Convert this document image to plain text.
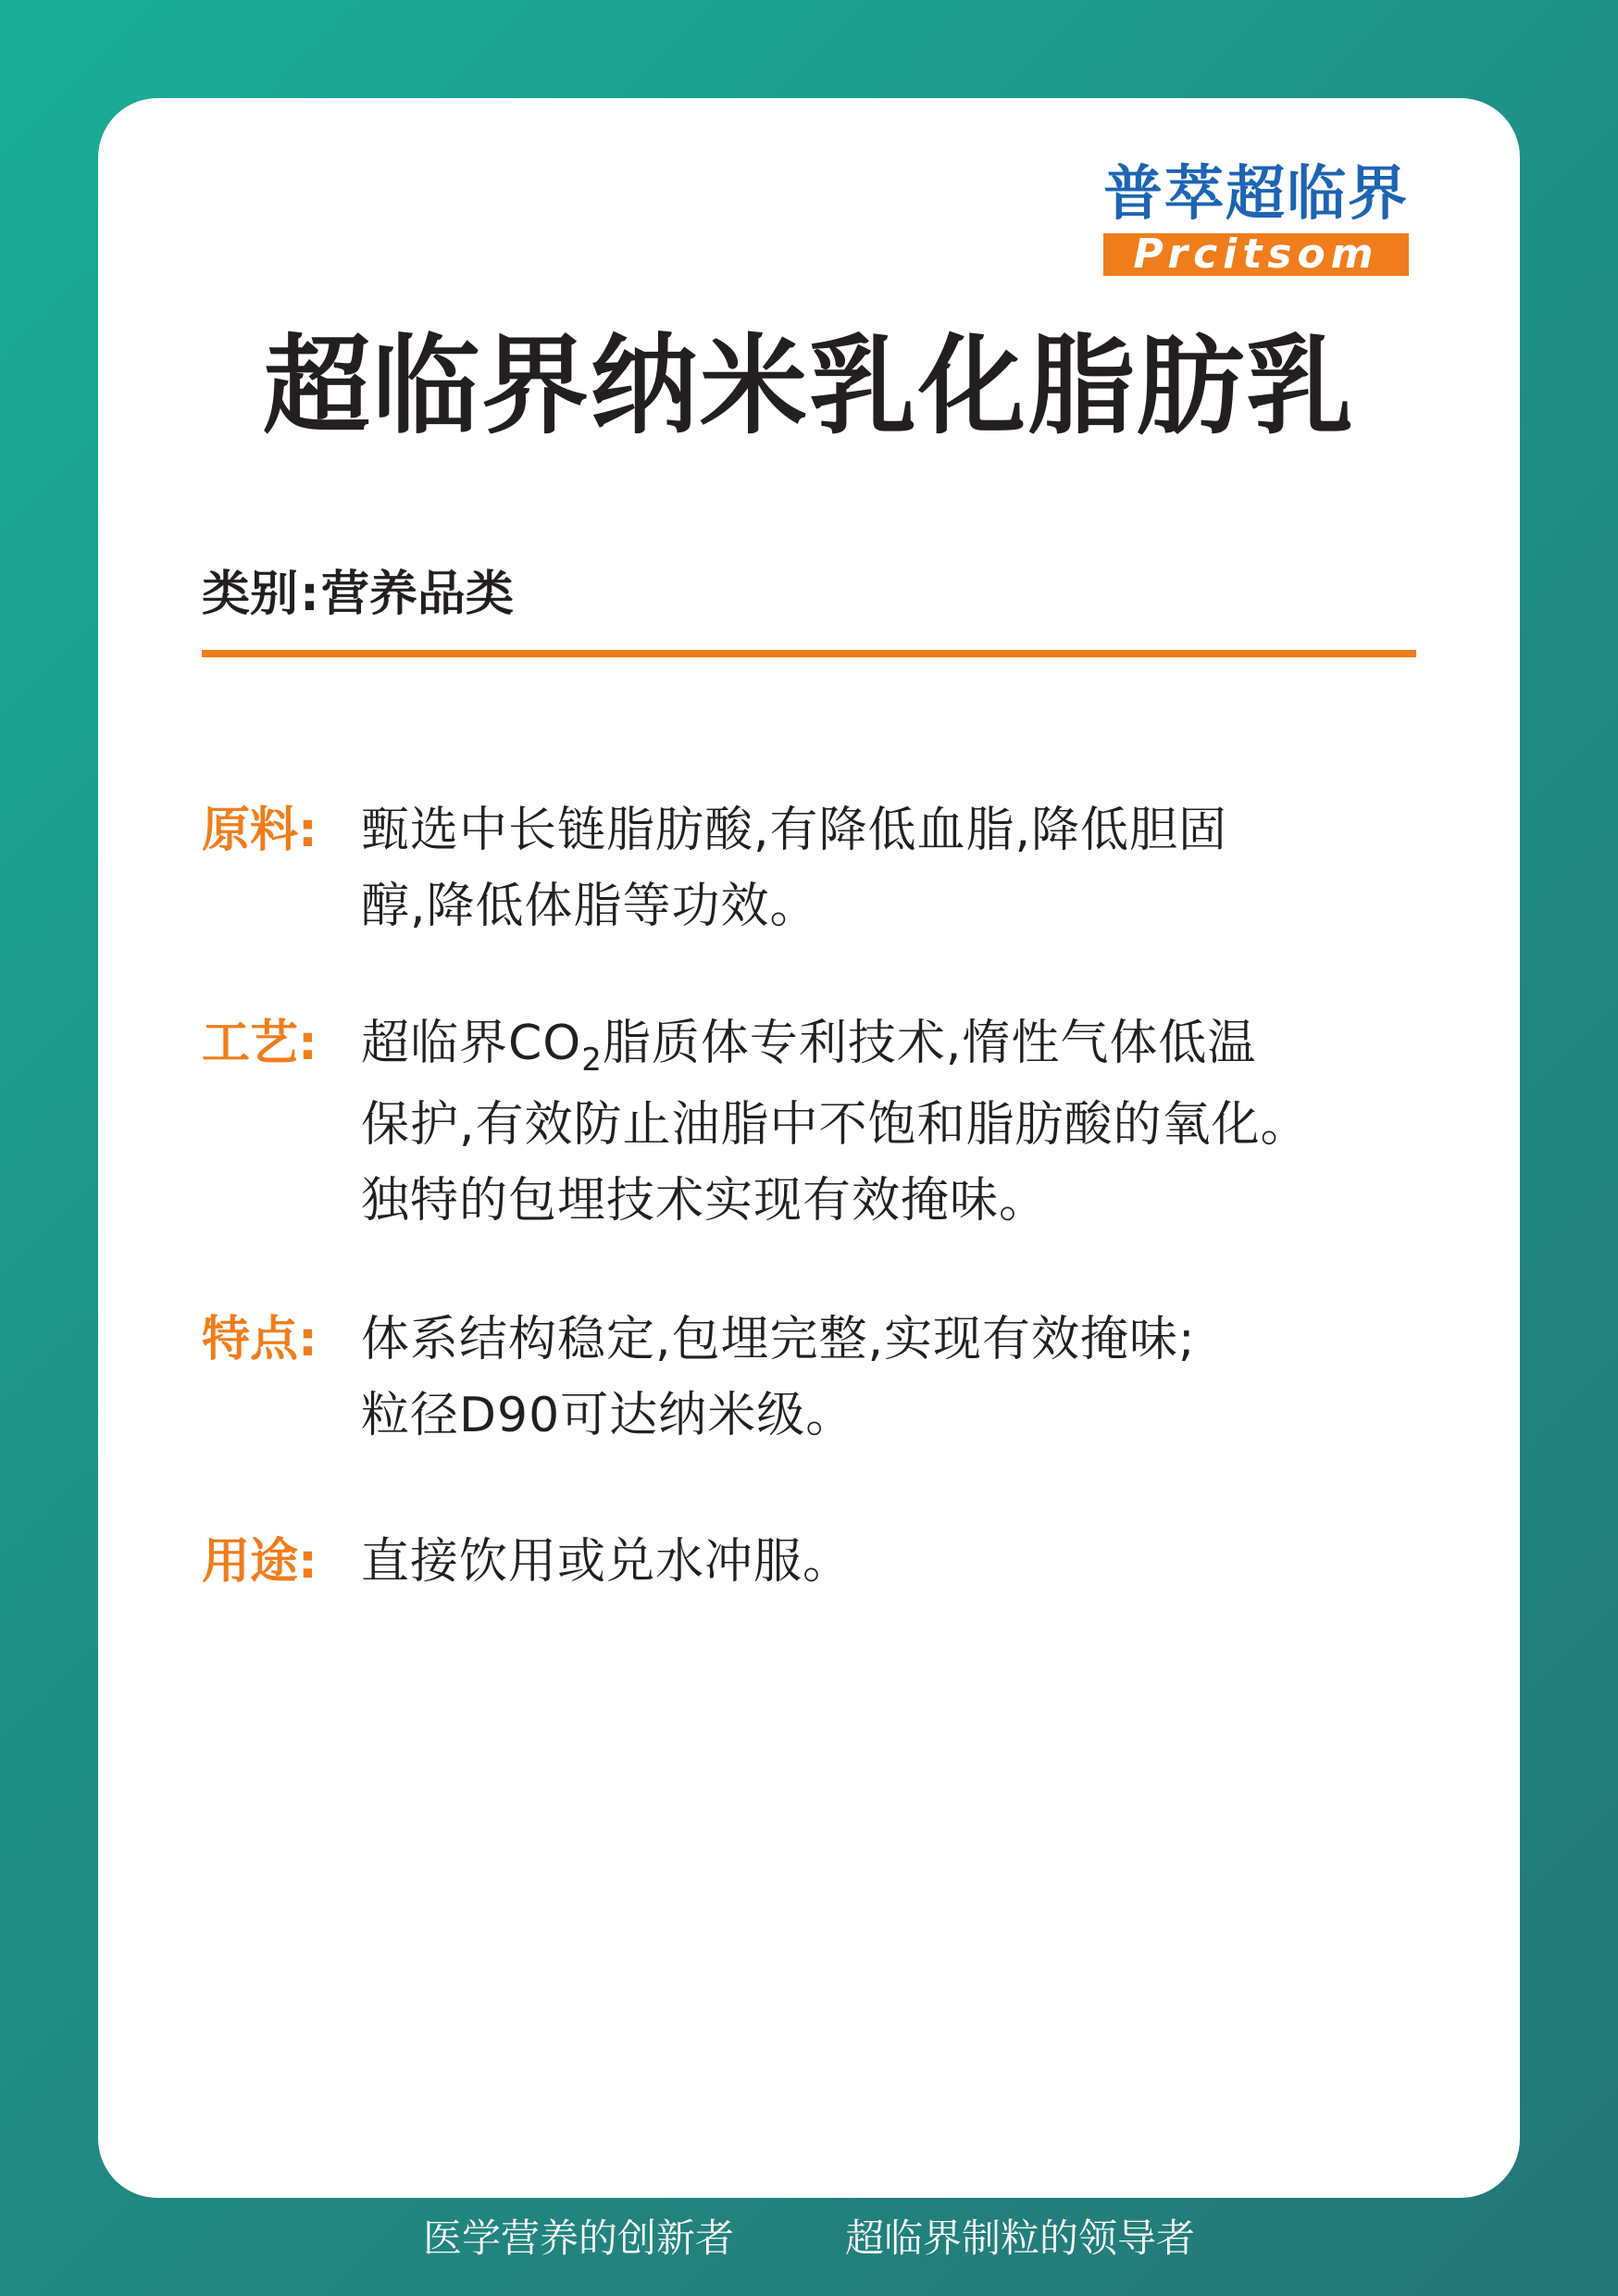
普萃超临界
Prcitsom
超临界纳米乳化脂肪乳
类别:营养品类
原料: 甄选中长链脂肪酸,有降低血脂,降低胆固
醇,降低体脂等功效。
工艺: 超临界$CO_2$脂质体专利技术,惰性气体低温
保护,有效防止油脂中不饱和脂肪酸的氧化。
独特的包埋技术实现有效掩味。
特点: 体系结构稳定,包埋完整,实现有效掩味;
粒径D90可达纳米级。
用途: 直接饮用或兑水冲服。
医学营养的创新者	超临界制粒的领导者
